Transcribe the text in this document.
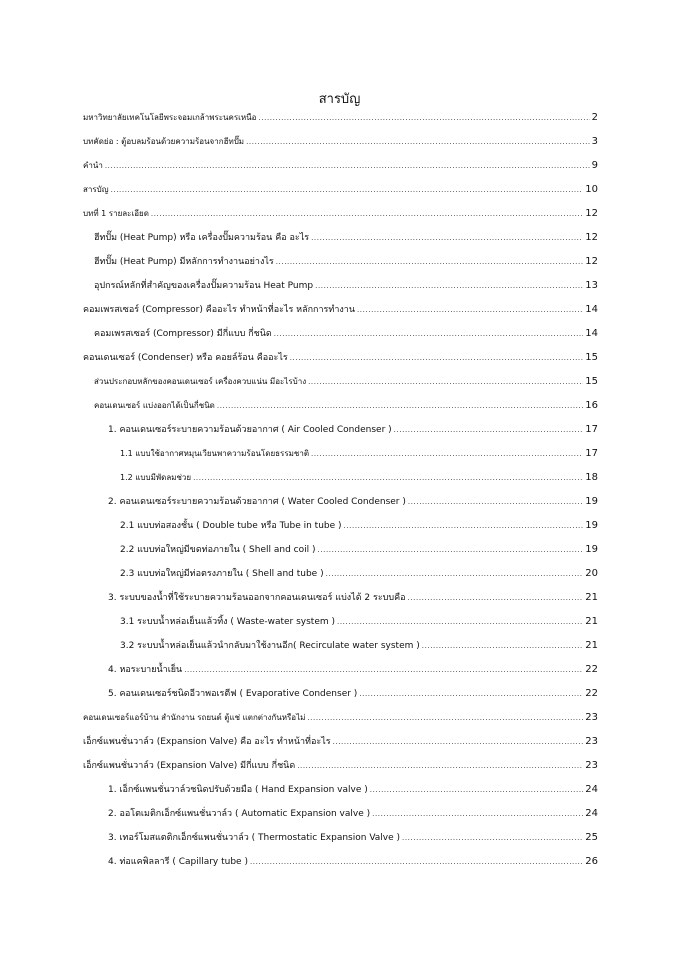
สารบัญ
มหาวิทยาลัยเทคโนโลยีพระจอมเกล้าพระนครเหนือ .....	2
บทคัดย่อ : ตู้อบลมร้อนด้วยความร้อนจากฮีทปั๊ม .....	3
คำนำ .....	9
สารบัญ .....	10
บทที่ 1 รายละเอียด .....	12
ฮีทปั๊ม (Heat Pump) หรือ เครื่องปั๊มความร้อน คือ อะไร .....	12
ฮีทปั๊ม (Heat Pump) มีหลักการทำงานอย่างไร .....	12
อุปกรณ์หลักที่สำคัญของเครื่องปั๊มความร้อน Heat Pump .....	13
คอมเพรสเซอร์ (Compressor) คืออะไร ทำหน้าที่อะไร หลักการทำงาน .....	14
คอมเพรสเซอร์ (Compressor) มีกี่แบบ กี่ชนิด .....	14
คอนเดนเซอร์ (Condenser) หรือ คอยล์ร้อน คืออะไร .....	15
ส่วนประกอบหลักของคอนเดนเซอร์ เครื่องควบแน่น มีอะไรบ้าง .....	15
คอนเดนเซอร์ แบ่งออกได้เป็นกี่ชนิด .....	16
1. คอนเดนเซอร์ระบายความร้อนด้วยอากาศ ( Air Cooled Condenser ) .....	17
1.1 แบบใช้อากาศหมุนเวียนพาความร้อนโดยธรรมชาติ .....	17
1.2 แบบมีพัดลมช่วย .....	18
2. คอนเดนเซอร์ระบายความร้อนด้วยอากาศ ( Water Cooled Condenser ) .....	19
2.1 แบบท่อสองชั้น ( Double tube หรือ Tube in tube ) .....	19
2.2 แบบท่อใหญ่มีขดท่อภายใน ( Shell and coil ) .....	19
2.3 แบบท่อใหญ่มีท่อตรงภายใน ( Shell and tube ) .....	20
3. ระบบของน้ำที่ใช้ระบายความร้อนออกจากคอนเดนเซอร์ แบ่งได้ 2 ระบบคือ .....	21
3.1 ระบบน้ำหล่อเย็นแล้วทิ้ง ( Waste-water system ) .....	21
3.2 ระบบน้ำหล่อเย็นแล้วนำกลับมาใช้งานอีก( Recirculate water system ) .....	21
4. หอระบายน้ำเย็น .....	22
5. คอนเดนเซอร์ชนิดอีวาพอเรตีฟ ( Evaporative Condenser ) .....	22
คอนเดนเซอร์แอร์บ้าน สำนักงาน รถยนต์ ตู้แช่ แตกต่างกันหรือไม่ .....	23
เอ็กซ์แพนชั่นวาล์ว (Expansion Valve) คือ อะไร ทำหน้าที่อะไร .....	23
เอ็กซ์แพนชั่นวาล์ว (Expansion Valve) มีกี่แบบ กี่ชนิด .....	23
1. เอ็กซ์แพนชั่นวาล์วชนิดปรับด้วยมือ ( Hand Expansion valve ) .....	24
2. ออโตเมติกเอ็กซ์แพนชั่นวาล์ว ( Automatic Expansion valve ) .....	24
3. เทอร์โมสแตติกเอ็กซ์แพนชั่นวาล์ว ( Thermostatic Expansion Valve ) .....	25
4. ท่อแคพิลลารี ( Capillary tube ) .....	26
